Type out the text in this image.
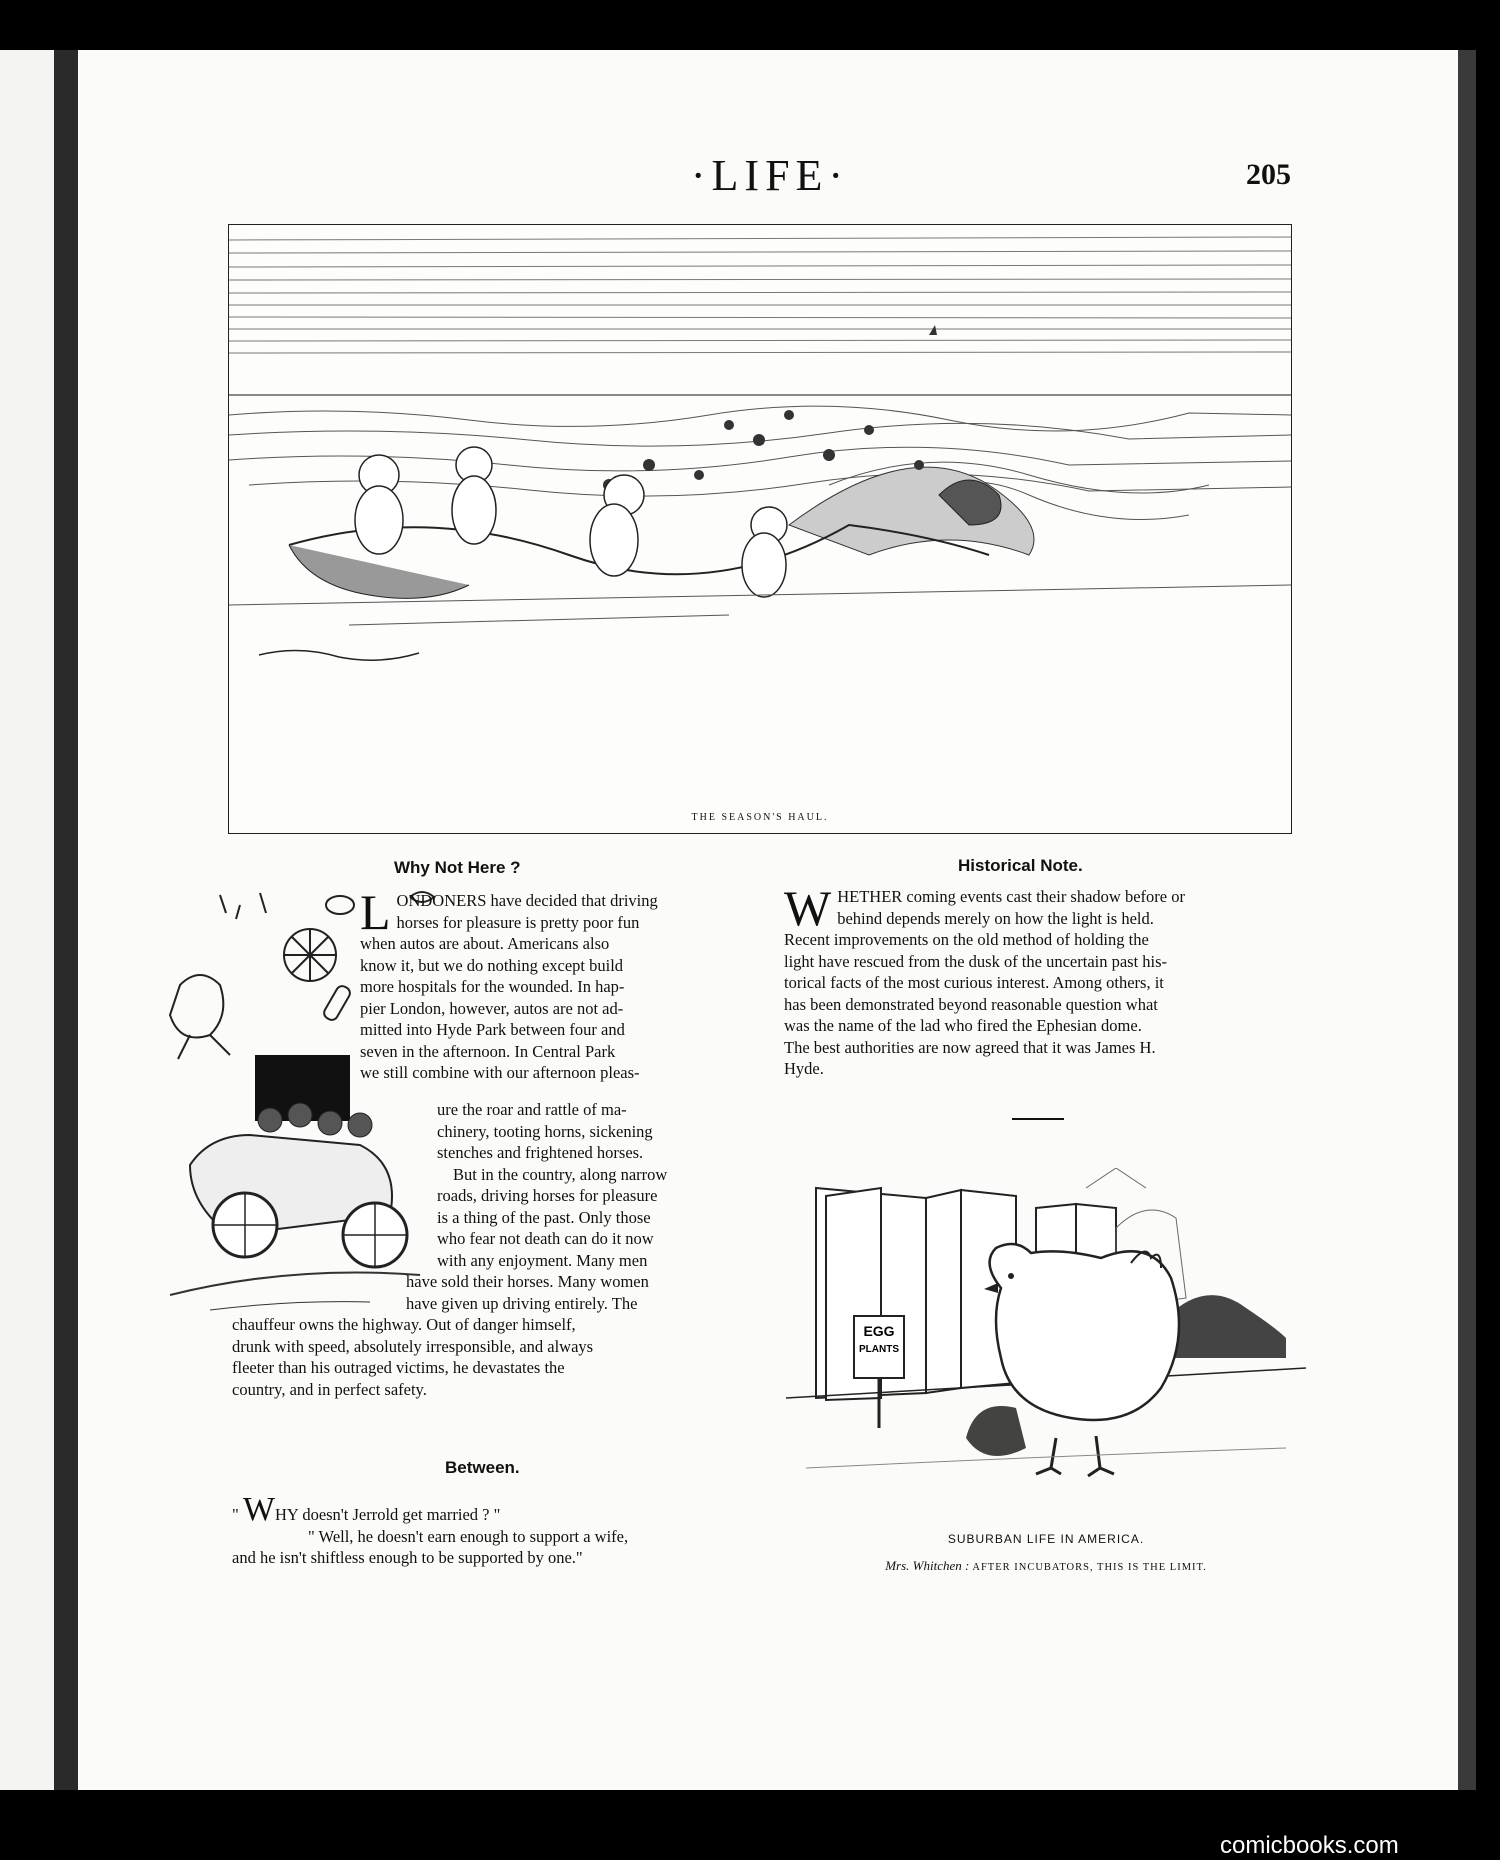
·LIFE·	205
THE SEASON'S HAUL.
Why Not Here ?
L ONDONERS have decided that driving
horses for pleasure is pretty poor fun
when autos are about. Americans also
know it, but we do nothing except build
more hospitals for the wounded. In hap-
pier London, however, autos are not ad-
mitted into Hyde Park between four and
seven in the afternoon. In Central Park
we still combine with our afternoon pleas-
ure the roar and rattle of ma-
chinery, tooting horns, sickening
stenches and frightened horses.
But in the country, along narrow
roads, driving horses for pleasure
is a thing of the past. Only those
who fear not death can do it now
with any enjoyment. Many men
have sold their horses. Many women
have given up driving entirely. The
chauffeur owns the highway. Out of danger himself,
drunk with speed, absolutely irresponsible, and always
fleeter than his outraged victims, he devastates the
country, and in perfect safety.
Between.
" WHY doesn't Jerrold get married ? "
" Well, he doesn't earn enough to support a wife,
and he isn't shiftless enough to be supported by one."
Historical Note.
W HETHER coming events cast their shadow before or
behind depends merely on how the light is held.
Recent improvements on the old method of holding the
light have rescued from the dusk of the uncertain past his-
torical facts of the most curious interest. Among others, it
has been demonstrated beyond reasonable question what
was the name of the lad who fired the Ephesian dome.
The best authorities are now agreed that it was James H.
Hyde.
EGG
PLANTS
SUBURBAN LIFE IN AMERICA.
Mrs. Whitchen : AFTER INCUBATORS, THIS IS THE LIMIT.
comicbooks.com
